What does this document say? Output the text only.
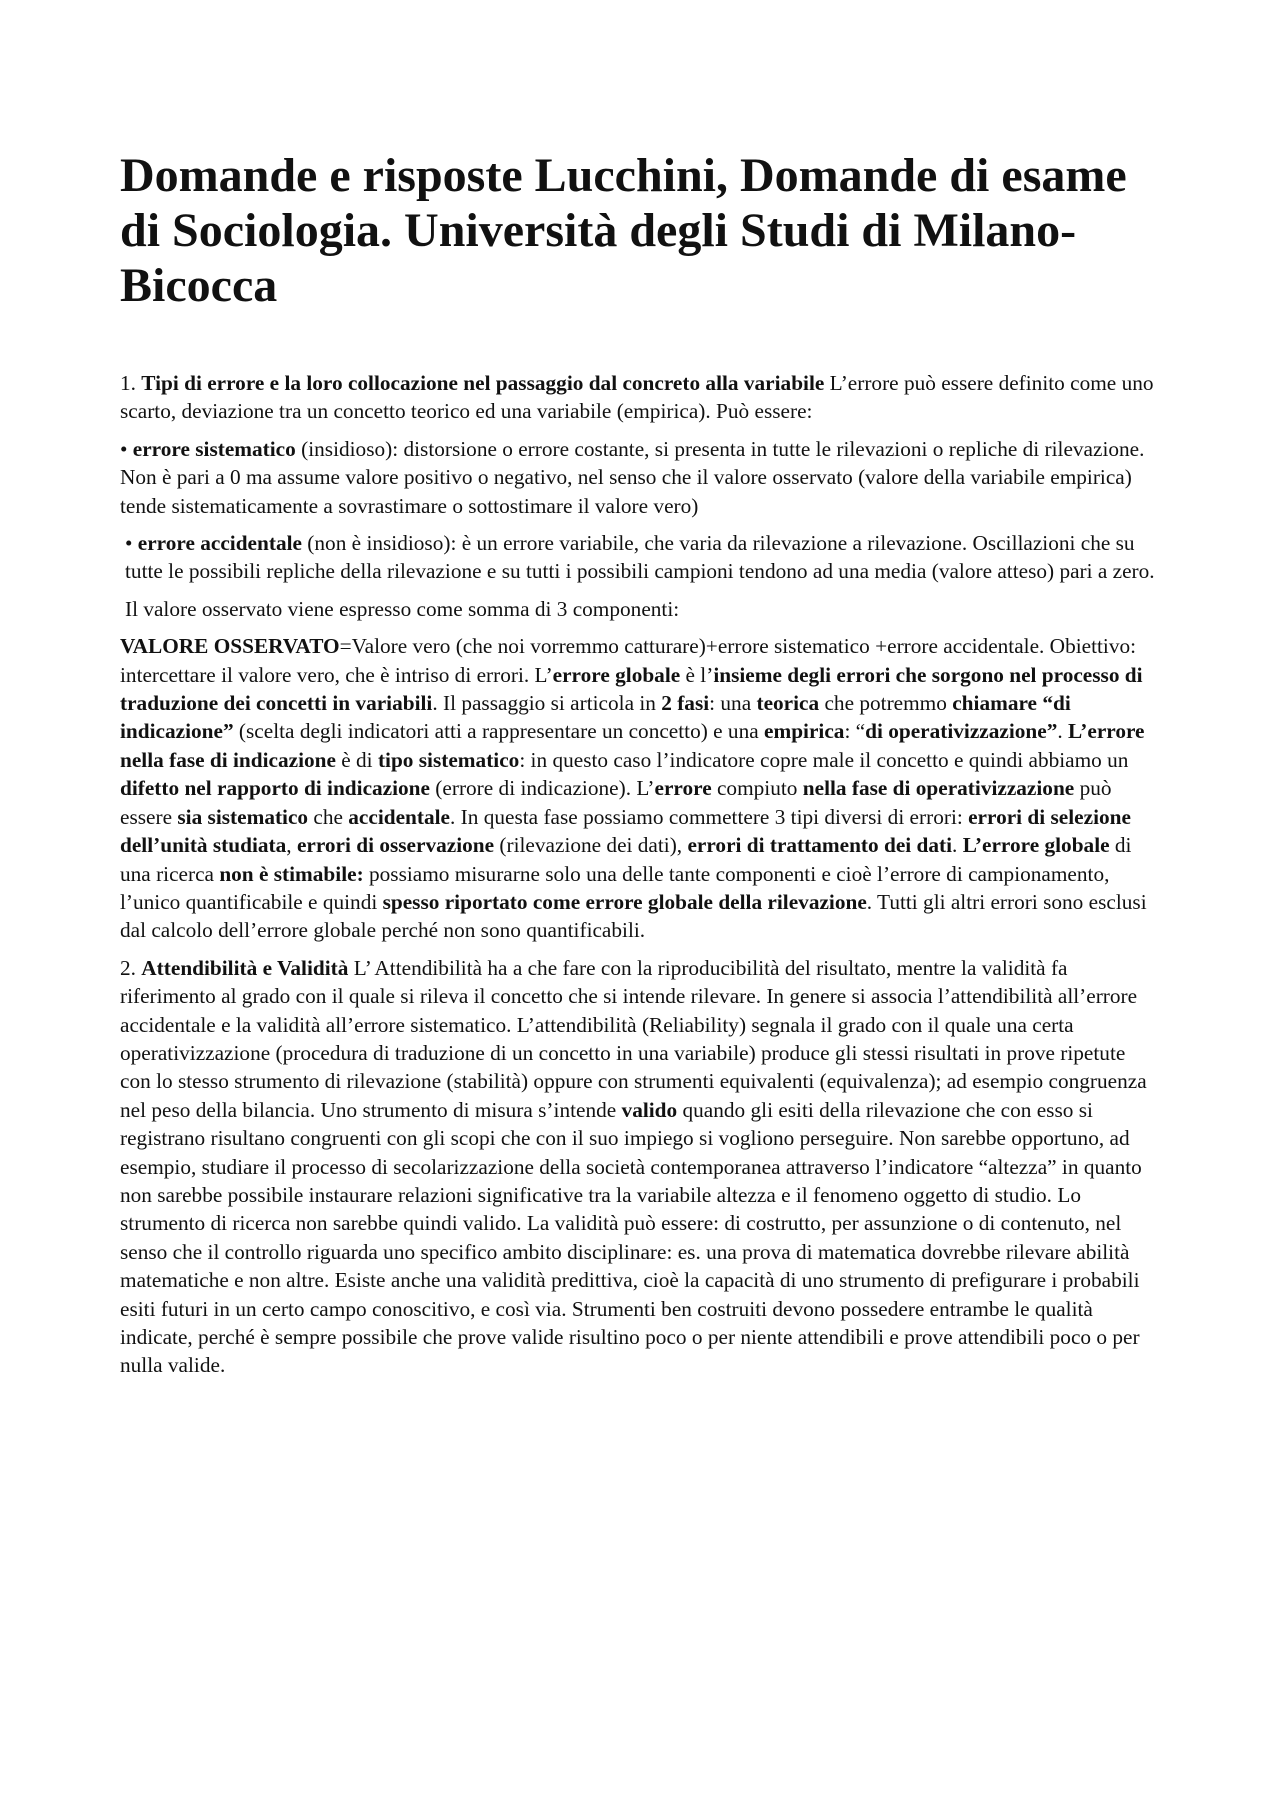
Domande e risposte Lucchini, Domande di esame di Sociologia. Università degli Studi di Milano-Bicocca

1. Tipi di errore e la loro collocazione nel passaggio dal concreto alla variabile L’errore può essere definito come uno scarto, deviazione tra un concetto teorico ed una variabile (empirica). Può essere:

• errore sistematico (insidioso): distorsione o errore costante, si presenta in tutte le rilevazioni o repliche di rilevazione. Non è pari a 0 ma assume valore positivo o negativo, nel senso che il valore osservato (valore della variabile empirica) tende sistematicamente a sovrastimare o sottostimare il valore vero)

• errore accidentale (non è insidioso): è un errore variabile, che varia da rilevazione a rilevazione. Oscillazioni che su tutte le possibili repliche della rilevazione e su tutti i possibili campioni tendono ad una media (valore atteso) pari a zero.

Il valore osservato viene espresso come somma di 3 componenti:

VALORE OSSERVATO=Valore vero (che noi vorremmo catturare)+errore sistematico +errore accidentale. Obiettivo: intercettare il valore vero, che è intriso di errori. L’errore globale è l’insieme degli errori che sorgono nel processo di traduzione dei concetti in variabili. Il passaggio si articola in 2 fasi: una teorica che potremmo chiamare “di indicazione” (scelta degli indicatori atti a rappresentare un concetto) e una empirica: “di operativizzazione”. L’errore nella fase di indicazione è di tipo sistematico: in questo caso l’indicatore copre male il concetto e quindi abbiamo un difetto nel rapporto di indicazione (errore di indicazione). L’errore compiuto nella fase di operativizzazione può essere sia sistematico che accidentale. In questa fase possiamo commettere 3 tipi diversi di errori: errori di selezione dell’unità studiata, errori di osservazione (rilevazione dei dati), errori di trattamento dei dati. L’errore globale di una ricerca non è stimabile: possiamo misurarne solo una delle tante componenti e cioè l’errore di campionamento, l’unico quantificabile e quindi spesso riportato come errore globale della rilevazione. Tutti gli altri errori sono esclusi dal calcolo dell’errore globale perché non sono quantificabili.

2. Attendibilità e Validità L’ Attendibilità ha a che fare con la riproducibilità del risultato, mentre la validità fa riferimento al grado con il quale si rileva il concetto che si intende rilevare. In genere si associa l’attendibilità all’errore accidentale e la validità all’errore sistematico. L’attendibilità (Reliability) segnala il grado con il quale una certa operativizzazione (procedura di traduzione di un concetto in una variabile) produce gli stessi risultati in prove ripetute con lo stesso strumento di rilevazione (stabilità) oppure con strumenti equivalenti (equivalenza); ad esempio congruenza nel peso della bilancia. Uno strumento di misura s’intende valido quando gli esiti della rilevazione che con esso si registrano risultano congruenti con gli scopi che con il suo impiego si vogliono perseguire. Non sarebbe opportuno, ad esempio, studiare il processo di secolarizzazione della società contemporanea attraverso l’indicatore “altezza” in quanto non sarebbe possibile instaurare relazioni significative tra la variabile altezza e il fenomeno oggetto di studio. Lo strumento di ricerca non sarebbe quindi valido. La validità può essere: di costrutto, per assunzione o di contenuto, nel senso che il controllo riguarda uno specifico ambito disciplinare: es. una prova di matematica dovrebbe rilevare abilità matematiche e non altre. Esiste anche una validità predittiva, cioè la capacità di uno strumento di prefigurare i probabili esiti futuri in un certo campo conoscitivo, e così via. Strumenti ben costruiti devono possedere entrambe le qualità indicate, perché è sempre possibile che prove valide risultino poco o per niente attendibili e prove attendibili poco o per nulla valide.
